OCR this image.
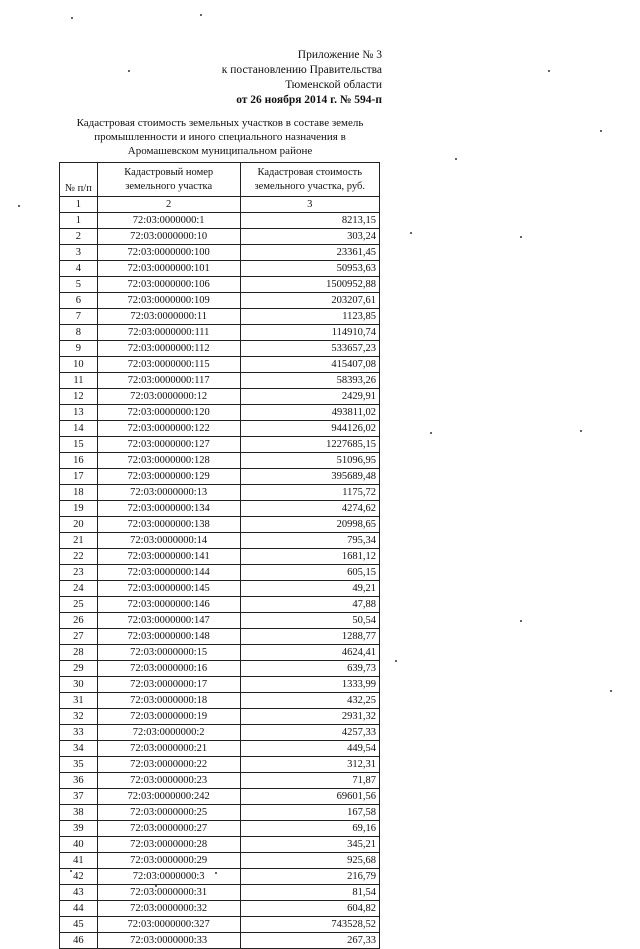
Приложение № 3
к постановлению Правительства
Тюменской области
от 26 ноября 2014 г. № 594-п
Кадастровая стоимость земельных участков в составе земель
промышленности и иного специального назначения в
Аромашевском муниципальном районе
№ п/п	Кадастровый номер земельного участка	Кадастровая стоимость земельного участка, руб.
1	2	3
1	72:03:0000000:1	8213,15
2	72:03:0000000:10	303,24
3	72:03:0000000:100	23361,45
4	72:03:0000000:101	50953,63
5	72:03:0000000:106	1500952,88
6	72:03:0000000:109	203207,61
7	72:03:0000000:11	1123,85
8	72:03:0000000:111	114910,74
9	72:03:0000000:112	533657,23
10	72:03:0000000:115	415407,08
11	72:03:0000000:117	58393,26
12	72:03:0000000:12	2429,91
13	72:03:0000000:120	493811,02
14	72:03:0000000:122	944126,02
15	72:03:0000000:127	1227685,15
16	72:03:0000000:128	51096,95
17	72:03:0000000:129	395689,48
18	72:03:0000000:13	1175,72
19	72:03:0000000:134	4274,62
20	72:03:0000000:138	20998,65
21	72:03:0000000:14	795,34
22	72:03:0000000:141	1681,12
23	72:03:0000000:144	605,15
24	72:03:0000000:145	49,21
25	72:03:0000000:146	47,88
26	72:03:0000000:147	50,54
27	72:03:0000000:148	1288,77
28	72:03:0000000:15	4624,41
29	72:03:0000000:16	639,73
30	72:03:0000000:17	1333,99
31	72:03:0000000:18	432,25
32	72:03:0000000:19	2931,32
33	72:03:0000000:2	4257,33
34	72:03:0000000:21	449,54
35	72:03:0000000:22	312,31
36	72:03:0000000:23	71,87
37	72:03:0000000:242	69601,56
38	72:03:0000000:25	167,58
39	72:03:0000000:27	69,16
40	72:03:0000000:28	345,21
41	72:03:0000000:29	925,68
42	72:03:0000000:3	216,79
43	72:03:0000000:31	81,54
44	72:03:0000000:32	604,82
45	72:03:0000000:327	743528,52
46	72:03:0000000:33	267,33
